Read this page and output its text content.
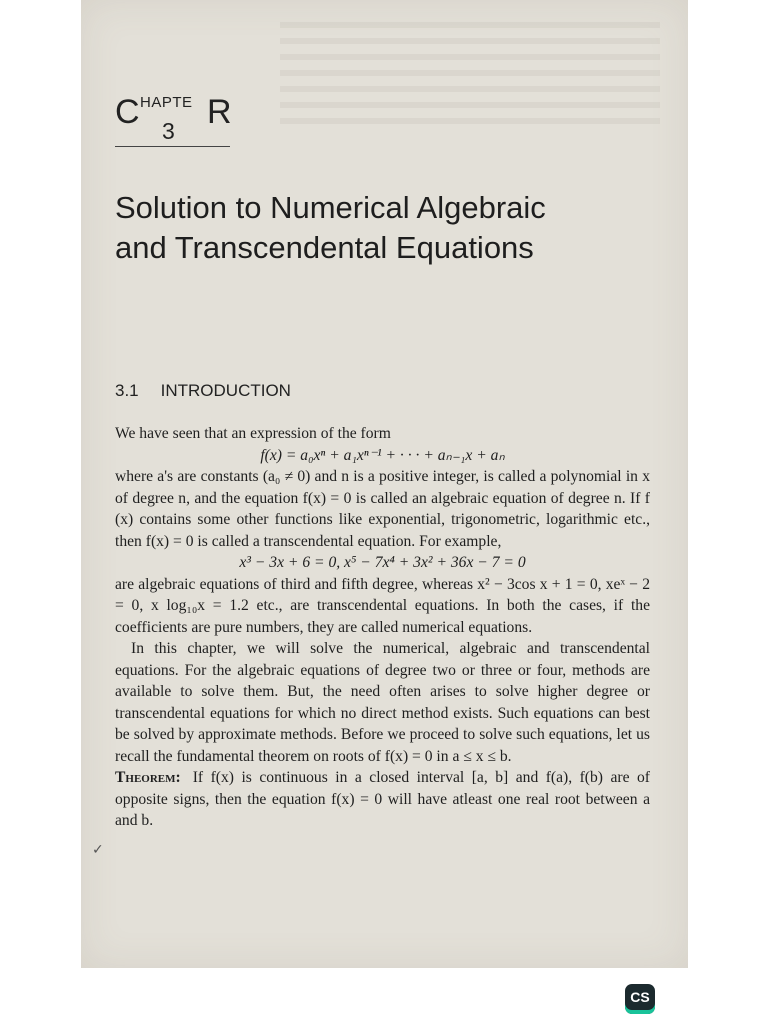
C HAPTE R
3
Solution to Numerical Algebraic
and Transcendental Equations
3.1 INTRODUCTION

We have seen that an expression of the form

f(x) = a₀xⁿ + a₁xⁿ⁻¹ + · · · + aₙ₋₁x + aₙ

where a's are constants (a₀ ≠ 0) and n is a positive integer, is called a polynomial in x of degree n, and the equation f(x) = 0 is called an algebraic equation of degree n. If f (x) contains some other functions like exponential, trigonometric, logarithmic etc., then f(x) = 0 is called a transcendental equation. For example,

x³ − 3x + 6 = 0, x⁵ − 7x⁴ + 3x² + 36x − 7 = 0

are algebraic equations of third and fifth degree, whereas x² − 3cos x + 1 = 0, xeˣ − 2 = 0, x log₁₀x = 1.2 etc., are transcendental equations. In both the cases, if the coefficients are pure numbers, they are called numerical equations.

In this chapter, we will solve the numerical, algebraic and transcendental equations. For the algebraic equations of degree two or three or four, methods are available to solve them. But, the need often arises to solve higher degree or transcendental equations for which no direct method exists. Such equations can best be solved by approximate methods. Before we proceed to solve such equations, let us recall the fundamental theorem on roots of f(x) = 0 in a ≤ x ≤ b.

Theorem: If f(x) is continuous in a closed interval [a, b] and f(a), f(b) are of opposite signs, then the equation f(x) = 0 will have atleast one real root between a and b.

✓
CS
